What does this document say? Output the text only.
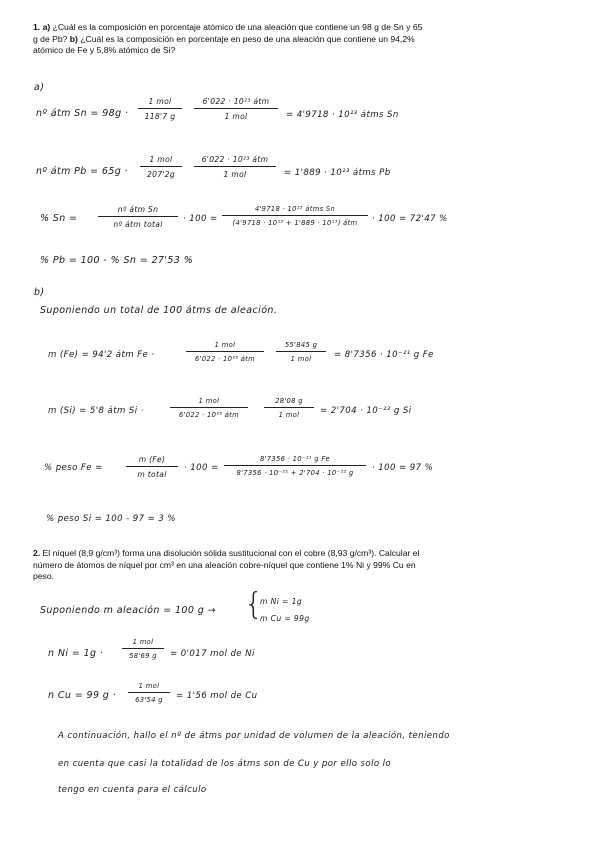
1. a) ¿Cuál es la composición en porcentaje atómico de una aleación que contiene un 98 g de Sn y 65 g de Pb? b) ¿Cuál es la composición en porcentaje en peso de una aleación que contiene un 94,2% atómico de Fe y 5,8% atómico de Si?
a)
nº átm Sn = 98g ·
1 mol
118'7 g
6'022 · 10²³ átm
1 mol	= 4'9718 · 10²³ átms Sn
nº átm Pb = 65g ·
1 mol
207'2g
6'022 · 10²³ átm
1 mol	= 1'889 · 10²³ átms Pb
% Sn =
nº átm Sn
nº átm total
· 100 =
4'9718 · 10²³ átms Sn
(4'9718 · 10²³ + 1'889 · 10²³) átm	· 100 = 72'47 %
% Pb = 100 - % Sn = 27'53 %
b)
Suponiendo un total de 100 átms de aleación.
m (Fe) = 94'2 átm Fe ·
1 mol
6'022 · 10²³ átm
55'845 g
1 mol	= 8'7356 · 10⁻²¹ g Fe
m (Si) = 5'8 átm Si ·
1 mol
6'022 · 10²³ átm
28'08 g
1 mol	= 2'704 · 10⁻²² g Si
% peso Fe =
m (Fe)
m total
· 100 =
8'7356 · 10⁻²¹ g Fe
8'7356 · 10⁻²¹ + 2'704 · 10⁻²² g	· 100 = 97 %
% peso Si = 100 - 97 = 3 %
2. El níquel (8,9 g/cm³) forma una disolución sólida sustitucional con el cobre (8,93 g/cm³). Calcular el número de átomos de níquel por cm³ en una aleación cobre-níquel que contiene 1% Ni y 99% Cu en peso.
Suponiendo m aleación = 100 g → {
m Ni = 1g
m Cu = 99g
n Ni = 1g ·
1 mol
58'69 g	= 0'017 mol de Ni
n Cu = 99 g ·
1 mol
63'54 g	= 1'56 mol de Cu
A continuación, hallo el nº de átms por unidad de volumen de la aleación, teniendo
en cuenta que casi la totalidad de los átms son de Cu y por ello solo lo
tengo en cuenta para el cálculo
